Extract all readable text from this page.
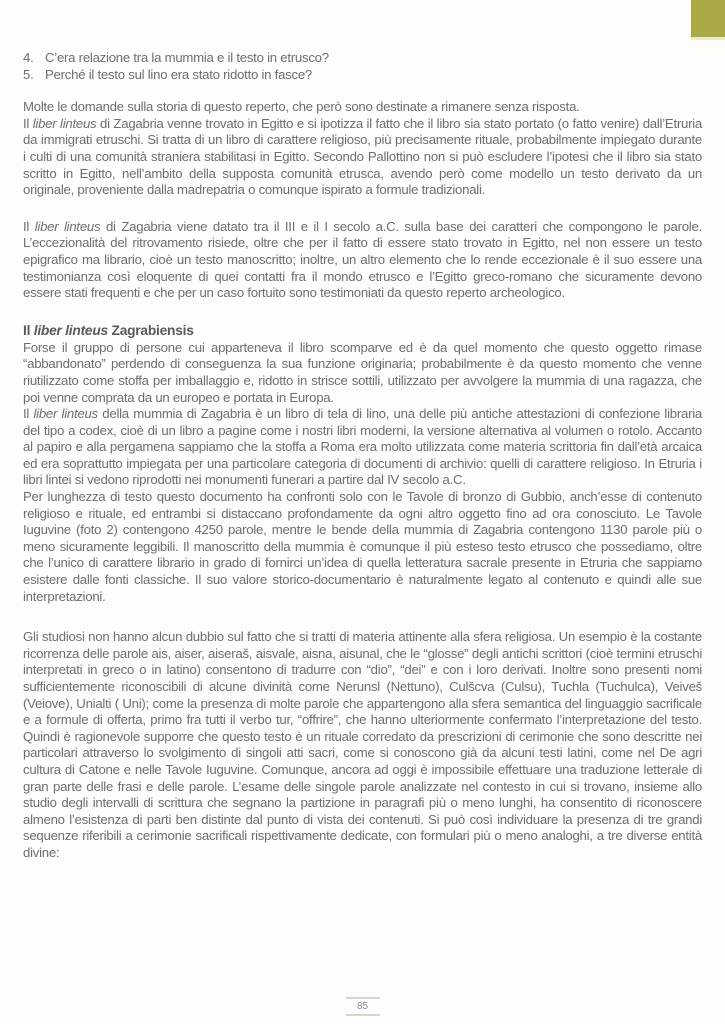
4. C’era relazione tra la mummia e il testo in etrusco?
5. Perché il testo sul lino era stato ridotto in fasce?

Molte le domande sulla storia di questo reperto, che però sono destinate a rimanere senza risposta.
Il liber linteus di Zagabria venne trovato in Egitto e si ipotizza il fatto che il libro sia stato portato (o fatto venire) dall’Etruria da immigrati etruschi. Si tratta di un libro di carattere religioso, più precisamente rituale, probabilmente impiegato durante i culti di una comunità straniera stabilitasi in Egitto. Secondo Pallottino non si può escludere l’ipotesi che il libro sia stato scritto in Egitto, nell’ambito della supposta comunità etrusca, avendo però come modello un testo derivato da un originale, proveniente dalla madrepatria o comunque ispirato a formule tradizionali.

Il liber linteus di Zagabria viene datato tra il III e il I secolo a.C. sulla base dei caratteri che compongono le parole. L’eccezionalità del ritrovamento risiede, oltre che per il fatto di essere stato trovato in Egitto, nel non essere un testo epigrafico ma librario, cioè un testo manoscritto; inoltre, un altro elemento che lo rende eccezionale è il suo essere una testimonianza così eloquente di quei contatti fra il mondo etrusco e l’Egitto greco-romano che sicuramente devono essere stati frequenti e che per un caso fortuito sono testimoniati da questo reperto archeologico.

Il liber linteus Zagrabiensis

Forse il gruppo di persone cui apparteneva il libro scomparve ed è da quel momento che questo oggetto rimase “abbandonato” perdendo di conseguenza la sua funzione originaria; probabilmente è da questo momento che venne riutilizzato come stoffa per imballaggio e, ridotto in strisce sottili, utilizzato per avvolgere la mummia di una ragazza, che poi venne comprata da un europeo e portata in Europa.
Il liber linteus della mummia di Zagabria è un libro di tela di lino, una delle più antiche attestazioni di confezione libraria del tipo a codex, cioè di un libro a pagine come i nostri libri moderni, la versione alternativa al volumen o rotolo. Accanto al papiro e alla pergamena sappiamo che la stoffa a Roma era molto utilizzata come materia scrittoria fin dall’età arcaica ed era soprattutto impiegata per una particolare categoria di documenti di archivio: quelli di carattere religioso. In Etruria i libri lintei si vedono riprodotti nei monumenti funerari a partire dal IV secolo a.C.
Per lunghezza di testo questo documento ha confronti solo con le Tavole di bronzo di Gubbio, anch’esse di contenuto religioso e rituale, ed entrambi si distaccano profondamente da ogni altro oggetto fino ad ora conosciuto. Le Tavole Iuguvine (foto 2) contengono 4250 parole, mentre le bende della mummia di Zagabria contengono 1130 parole più o meno sicuramente leggibili. Il manoscritto della mummia è comunque il più esteso testo etrusco che possediamo, oltre che l’unico di carattere librario in grado di fornirci un’idea di quella letteratura sacrale presente in Etruria che sappiamo esistere dalle fonti classiche. Il suo valore storico-documentario è naturalmente legato al contenuto e quindi alle sue interpretazioni.

Gli studiosi non hanno alcun dubbio sul fatto che si tratti di materia attinente alla sfera religiosa. Un esempio è la costante ricorrenza delle parole ais, aiser, aiseraš, aisvale, aisna, aisunal, che le “glosse” degli antichi scrittori (cioè termini etruschi interpretati in greco o in latino) consentono di tradurre con “dio”, “dei” e con i loro derivati. Inoltre sono presenti nomi sufficientemente riconoscibili di alcune divinità come Nerunsl (Nettuno), Culšcva (Culsu), Tuchla (Tuchulca), Veiveš (Veiove), Unialti ( Uni); come la presenza di molte parole che appartengono alla sfera semantica del linguaggio sacrificale e a formule di offerta, primo fra tutti il verbo tur, “offrire”, che hanno ulteriormente confermato l’interpretazione del testo. Quindi è ragionevole supporre che questo testo è un rituale corredato da prescrizioni di cerimonie che sono descritte nei particolari attraverso lo svolgimento di singoli atti sacri, come si conoscono già da alcuni testi latini, come nel De agri cultura di Catone e nelle Tavole Iuguvine. Comunque, ancora ad oggi è impossibile effettuare una traduzione letterale di gran parte delle frasi e delle parole. L’esame delle singole parole analizzate nel contesto in cui si trovano, insieme allo studio degli intervalli di scrittura che segnano la partizione in paragrafi più o meno lunghi, ha consentito di riconoscere almeno l’esistenza di parti ben distinte dal punto di vista dei contenuti. Si può così individuare la presenza di tre grandi sequenze riferibili a cerimonie sacrificali rispettivamente dedicate, con formulari più o meno analoghi, a tre diverse entità divine:

85
